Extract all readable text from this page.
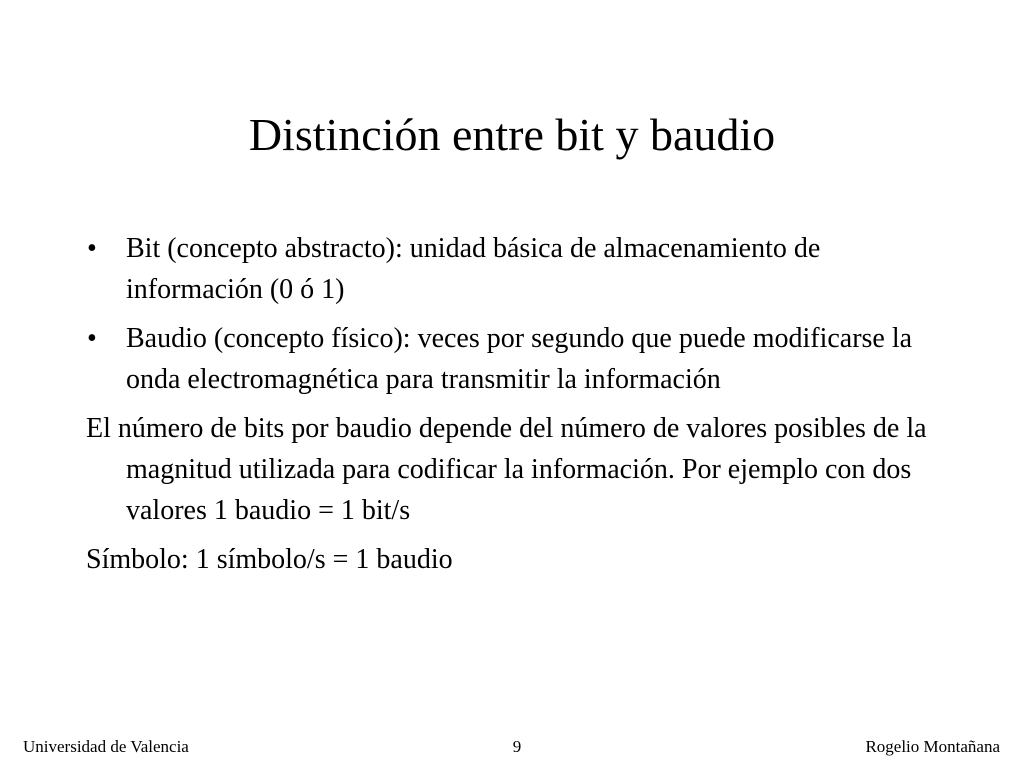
Distinción entre bit y baudio
•	Bit (concepto abstracto): unidad básica de almacenamiento de información (0 ó 1)
•	Baudio (concepto físico): veces por segundo que puede modificarse la onda electromagnética para transmitir la información
El número de bits por baudio depende del número de valores posibles de la magnitud utilizada para codificar la información. Por ejemplo con dos valores 1 baudio = 1 bit/s
Símbolo: 1 símbolo/s = 1 baudio
Universidad de Valencia	9	Rogelio Montañana
